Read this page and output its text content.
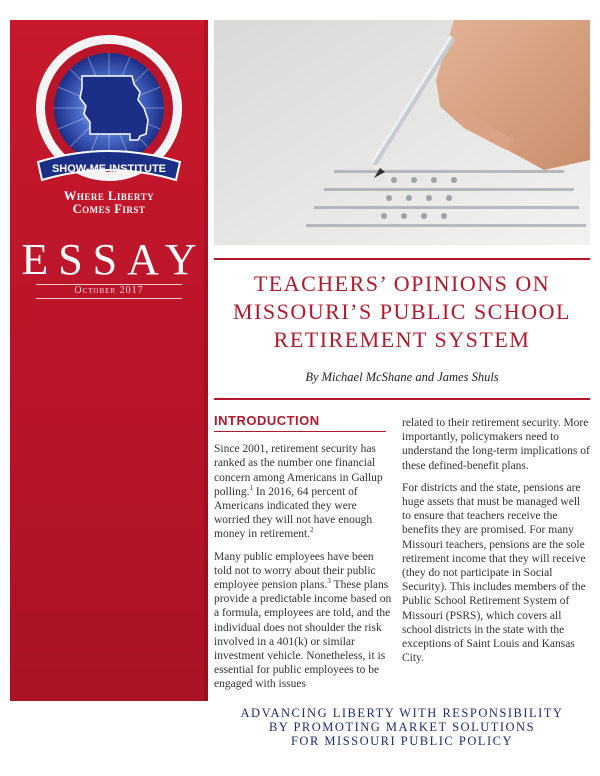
SHOW-ME INSTITUTE
Where Liberty
Comes First
ESSAY
October 2017	TEACHERS’ OPINIONS ON
MISSOURI’S PUBLIC SCHOOL
RETIREMENT SYSTEM
By Michael McShane and James Shuls
INTRODUCTION

Since 2001, retirement security has ranked as the number one financial concern among Americans in Gallup polling.$^1$ In 2016, 64 percent of Americans indicated they were worried they will not have enough money in retirement.$^2$

Many public employees have been told not to worry about their public employee pension plans.$^3$ These plans provide a predictable income based on a formula, employees are told, and the individual does not shoulder the risk involved in a 401(k) or similar investment vehicle. Nonetheless, it is essential for public employees to be engaged with issues

related to their retirement security. More importantly, policymakers need to understand the long-term implications of these defined-benefit plans.

For districts and the state, pensions are huge assets that must be managed well to ensure that teachers receive the benefits they are promised. For many Missouri teachers, pensions are the sole retirement income that they will receive (they do not participate in Social Security). This includes members of the Public School Retirement System of Missouri (PSRS), which covers all school districts in the state with the exceptions of Saint Louis and Kansas City.

ADVANCING LIBERTY WITH RESPONSIBILITY
BY PROMOTING MARKET SOLUTIONS
FOR MISSOURI PUBLIC POLICY
